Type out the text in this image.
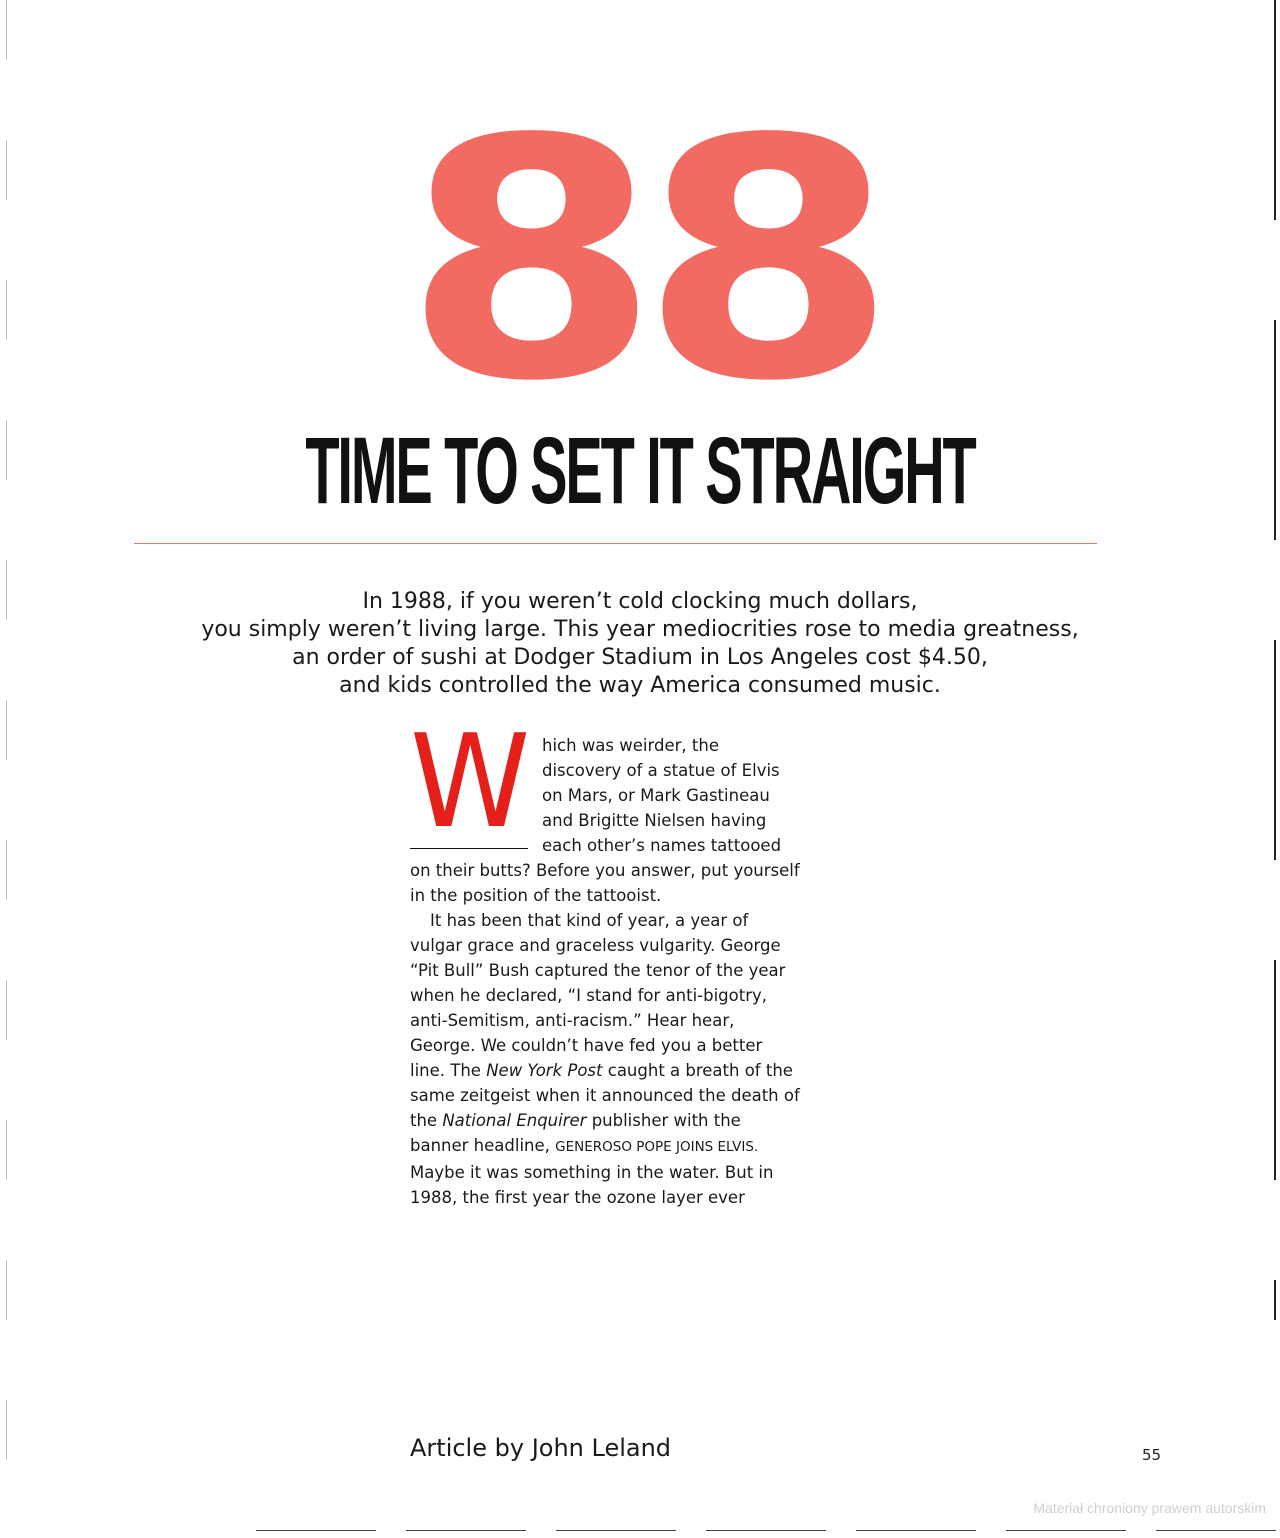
88
TIME TO SET IT STRAIGHT
In 1988, if you weren’t cold clocking much dollars,
you simply weren’t living large. This year mediocrities rose to media greatness,
an order of sushi at Dodger Stadium in Los Angeles cost $4.50,
and kids controlled the way America consumed music.
W hich was weirder, the discovery of a statue of Elvis on Mars, or Mark Gastineau and Brigitte Nielsen having each other’s names tattooed on their butts? Before you answer, put yourself in the position of the tattooist.

It has been that kind of year, a year of vulgar grace and graceless vulgarity. George “Pit Bull” Bush captured the tenor of the year when he declared, “I stand for anti-bigotry, anti-Semitism, anti-racism.” Hear hear, George. We couldn’t have fed you a better line. The New York Post caught a breath of the same zeitgeist when it announced the death of the National Enquirer publisher with the banner headline, GENEROSO POPE JOINS ELVIS. Maybe it was something in the water. But in 1988, the first year the ozone layer ever

Article by John Leland	55
Materiał chroniony prawem autorskim
